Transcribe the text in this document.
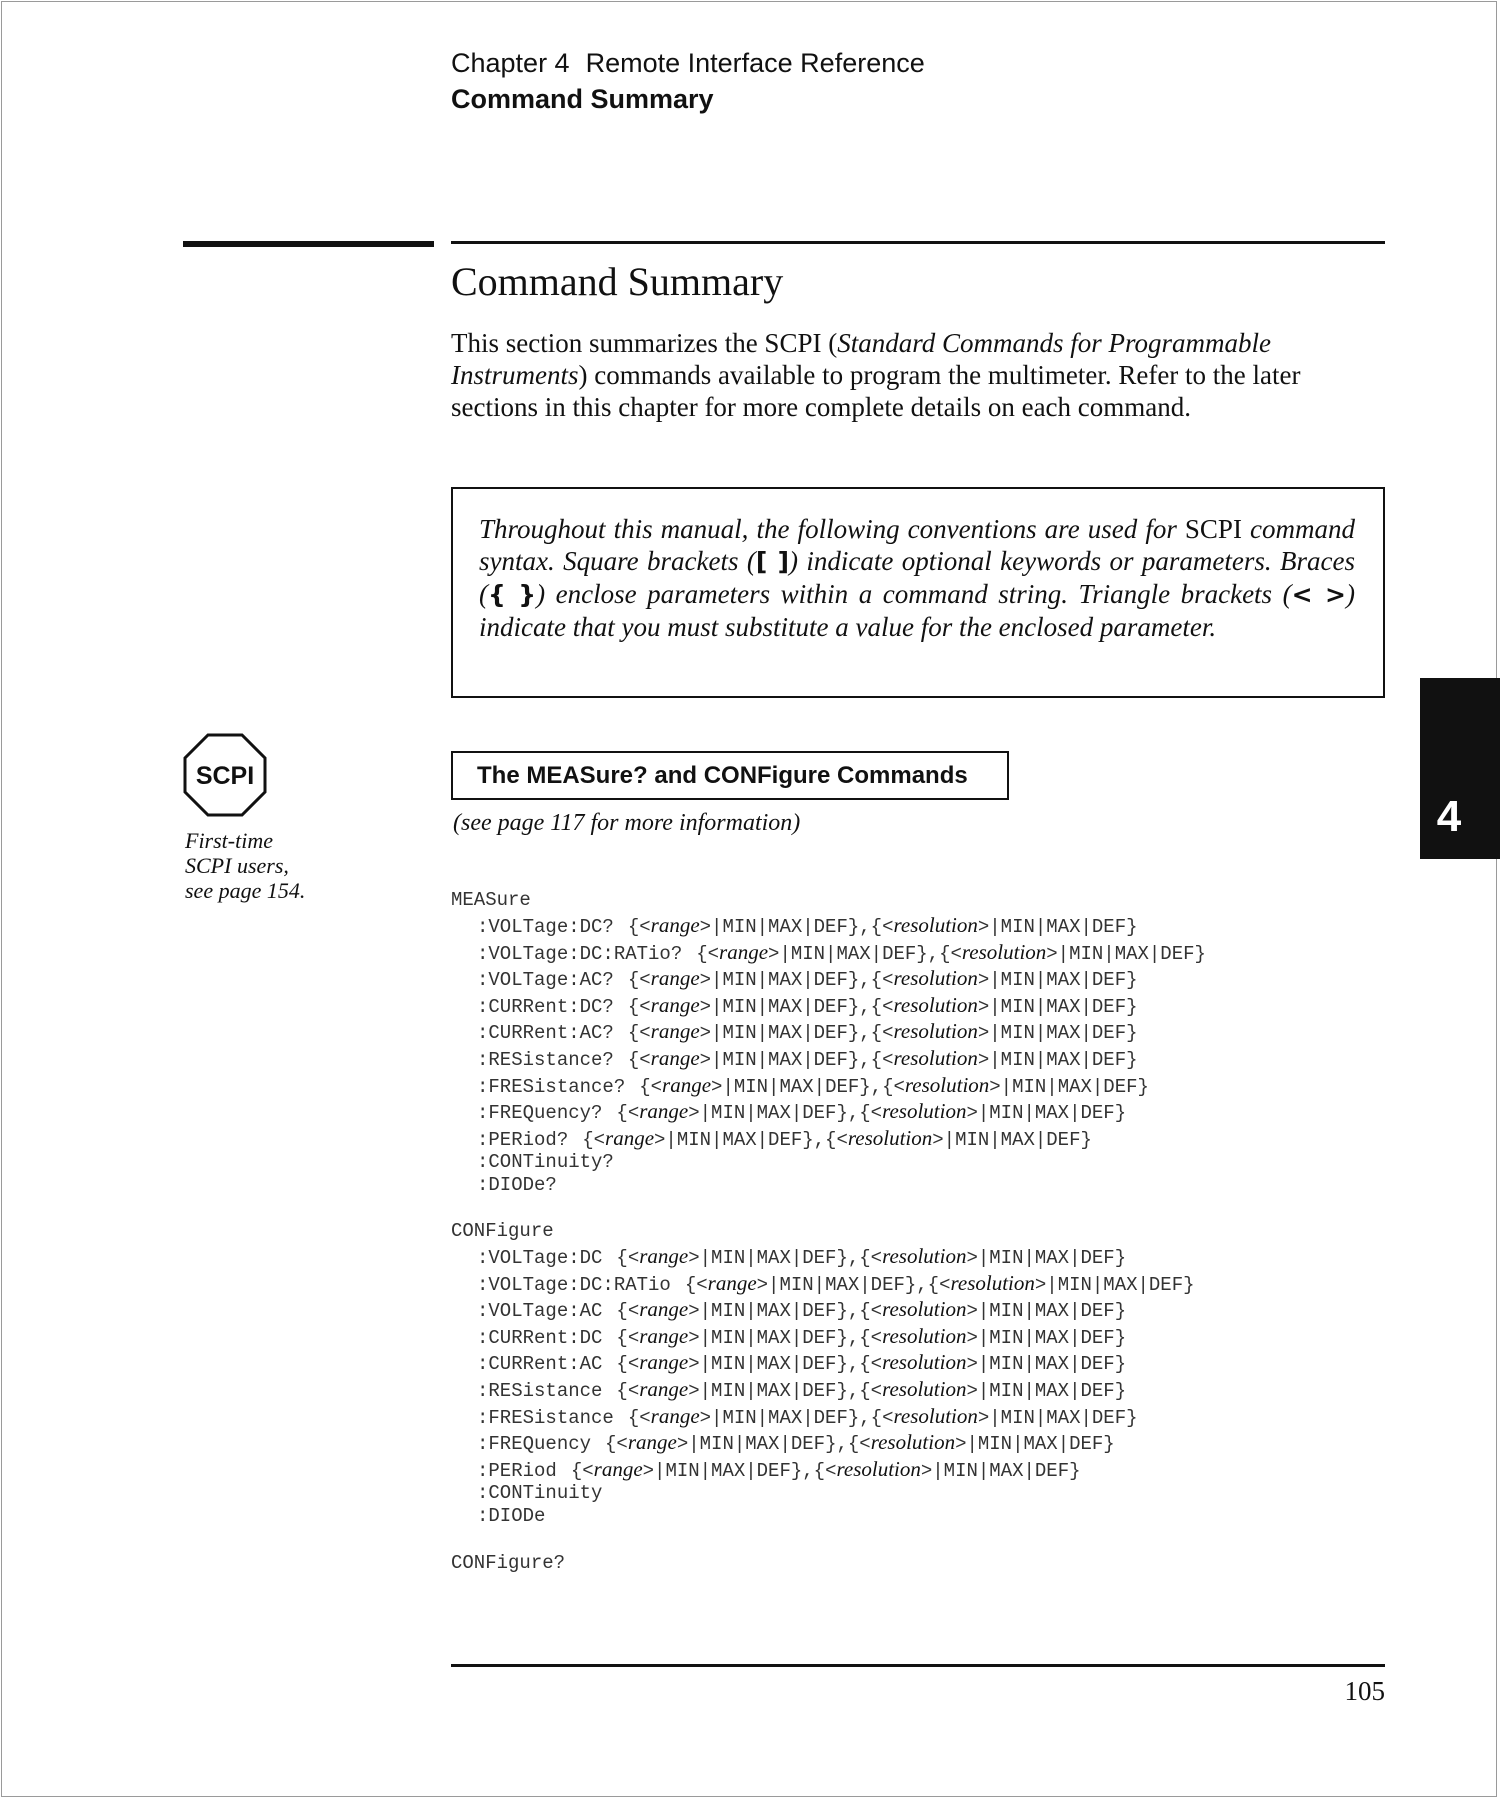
Chapter 4 Remote Interface Reference
Command Summary
Command Summary

This section summarizes the SCPI (Standard Commands for Programmable Instruments) commands available to program the multimeter. Refer to the later sections in this chapter for more complete details on each command.

Throughout this manual, the following conventions are used for SCPI command syntax. Square brackets ([ ]) indicate optional keywords or parameters. Braces ({ }) enclose parameters within a command string. Triangle brackets (< >) indicate that you must substitute a value for the enclosed parameter.

4
SCPI
First-time
SCPI users,
see page 154.
The MEASure? and CONFigure Commands
(see page 117 for more information)
MEASure
:VOLTage:DC? {<range>|MIN|MAX|DEF},{<resolution>|MIN|MAX|DEF}
:VOLTage:DC:RATio? {<range>|MIN|MAX|DEF},{<resolution>|MIN|MAX|DEF}
:VOLTage:AC? {<range>|MIN|MAX|DEF},{<resolution>|MIN|MAX|DEF}
:CURRent:DC? {<range>|MIN|MAX|DEF},{<resolution>|MIN|MAX|DEF}
:CURRent:AC? {<range>|MIN|MAX|DEF},{<resolution>|MIN|MAX|DEF}
:RESistance? {<range>|MIN|MAX|DEF},{<resolution>|MIN|MAX|DEF}
:FRESistance? {<range>|MIN|MAX|DEF},{<resolution>|MIN|MAX|DEF}
:FREQuency? {<range>|MIN|MAX|DEF},{<resolution>|MIN|MAX|DEF}
:PERiod? {<range>|MIN|MAX|DEF},{<resolution>|MIN|MAX|DEF}
:CONTinuity?
:DIODe?
CONFigure
:VOLTage:DC {<range>|MIN|MAX|DEF},{<resolution>|MIN|MAX|DEF}
:VOLTage:DC:RATio {<range>|MIN|MAX|DEF},{<resolution>|MIN|MAX|DEF}
:VOLTage:AC {<range>|MIN|MAX|DEF},{<resolution>|MIN|MAX|DEF}
:CURRent:DC {<range>|MIN|MAX|DEF},{<resolution>|MIN|MAX|DEF}
:CURRent:AC {<range>|MIN|MAX|DEF},{<resolution>|MIN|MAX|DEF}
:RESistance {<range>|MIN|MAX|DEF},{<resolution>|MIN|MAX|DEF}
:FRESistance {<range>|MIN|MAX|DEF},{<resolution>|MIN|MAX|DEF}
:FREQuency {<range>|MIN|MAX|DEF},{<resolution>|MIN|MAX|DEF}
:PERiod {<range>|MIN|MAX|DEF},{<resolution>|MIN|MAX|DEF}
:CONTinuity
:DIODe
CONFigure?
105
